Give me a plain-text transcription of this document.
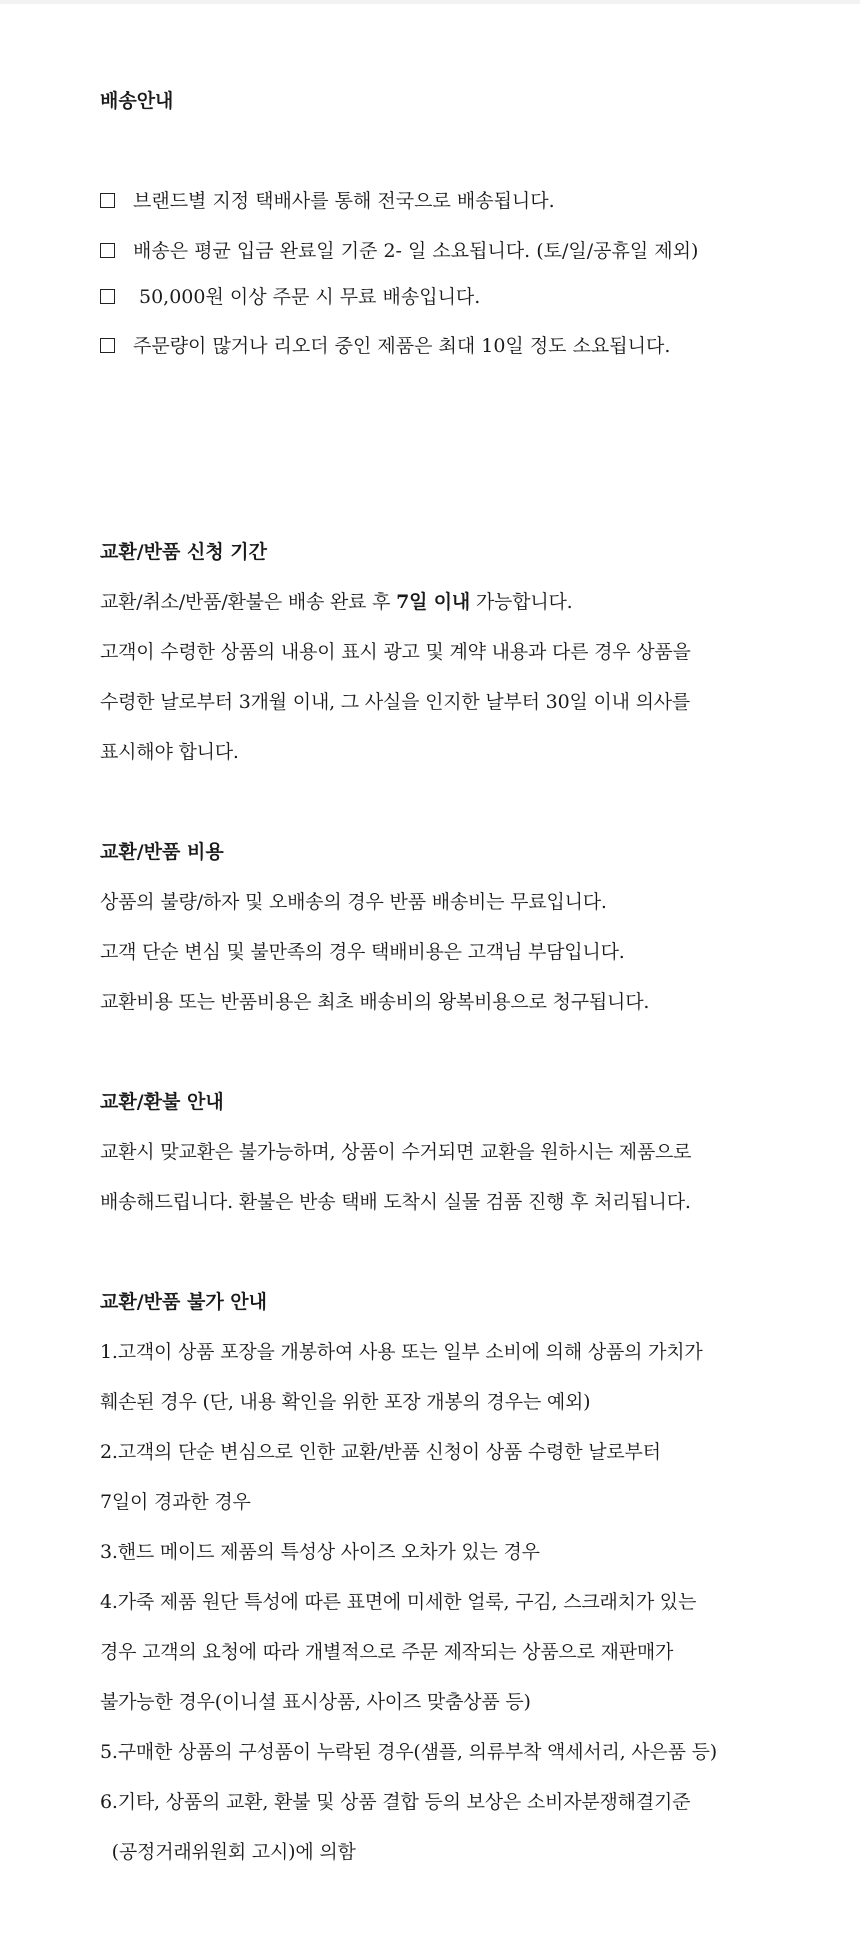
배송안내
브랜드별 지정 택배사를 통해 전국으로 배송됩니다.
배송은 평균 입금 완료일 기준 2- 일 소요됩니다. (토/일/공휴일 제외)
50,000원 이상 주문 시 무료 배송입니다.
주문량이 많거나 리오더 중인 제품은 최대 10일 정도 소요됩니다.
교환/반품 신청 기간
교환/취소/반품/환불은 배송 완료 후 7일 이내 가능합니다.
고객이 수령한 상품의 내용이 표시 광고 및 계약 내용과 다른 경우 상품을
수령한 날로부터 3개월 이내, 그 사실을 인지한 날부터 30일 이내 의사를
표시해야 합니다.
교환/반품 비용
상품의 불량/하자 및 오배송의 경우 반품 배송비는 무료입니다.
고객 단순 변심 및 불만족의 경우 택배비용은 고객님 부담입니다.
교환비용 또는 반품비용은 최초 배송비의 왕복비용으로 청구됩니다.
교환/환불 안내
교환시 맞교환은 불가능하며, 상품이 수거되면 교환을 원하시는 제품으로
배송해드립니다. 환불은 반송 택배 도착시 실물 검품 진행 후 처리됩니다.
교환/반품 불가 안내
1.고객이 상품 포장을 개봉하여 사용 또는 일부 소비에 의해 상품의 가치가
훼손된 경우 (단, 내용 확인을 위한 포장 개봉의 경우는 예외)
2.고객의 단순 변심으로 인한 교환/반품 신청이 상품 수령한 날로부터
7일이 경과한 경우
3.핸드 메이드 제품의 특성상 사이즈 오차가 있는 경우
4.가죽 제품 원단 특성에 따른 표면에 미세한 얼룩, 구김, 스크래치가 있는
경우 고객의 요청에 따라 개별적으로 주문 제작되는 상품으로 재판매가
불가능한 경우(이니셜 표시상품, 사이즈 맞춤상품 등)
5.구매한 상품의 구성품이 누락된 경우(샘플, 의류부착 액세서리, 사은품 등)
6.기타, 상품의 교환, 환불 및 상품 결합 등의 보상은 소비자분쟁해결기준
(공정거래위원회 고시)에 의함
